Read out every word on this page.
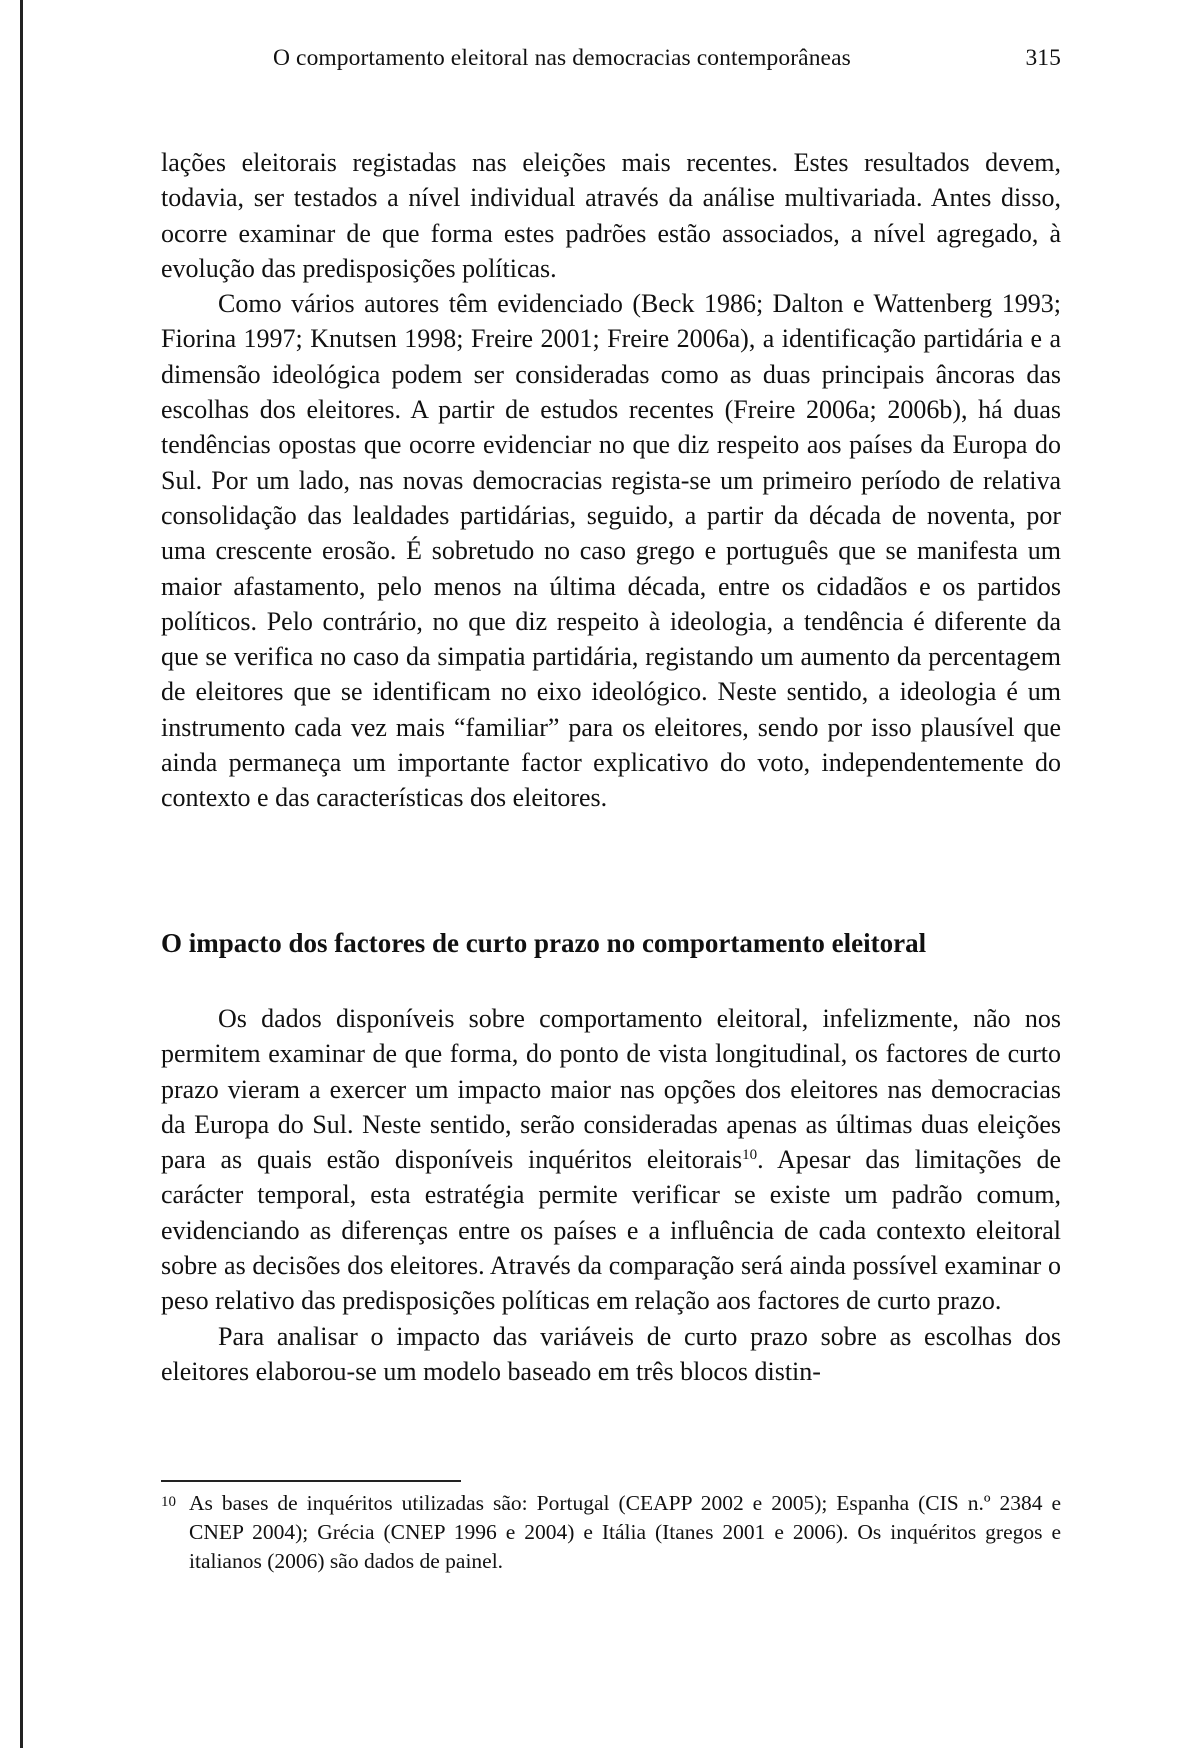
O comportamento eleitoral nas democracias contemporâneas	315

lações eleitorais registadas nas eleições mais recentes. Estes resultados devem, todavia, ser testados a nível individual através da análise multivariada. Antes disso, ocorre examinar de que forma estes padrões estão associados, a nível agregado, à evolução das predisposições políticas.

Como vários autores têm evidenciado (Beck 1986; Dalton e Wattenberg 1993; Fiorina 1997; Knutsen 1998; Freire 2001; Freire 2006a), a identificação partidária e a dimensão ideológica podem ser consideradas como as duas principais âncoras das escolhas dos eleitores. A partir de estudos recentes (Freire 2006a; 2006b), há duas tendências opostas que ocorre evidenciar no que diz respeito aos países da Europa do Sul. Por um lado, nas novas democracias regista-se um primeiro período de relativa consolidação das lealdades partidárias, seguido, a partir da década de noventa, por uma crescente erosão. É sobretudo no caso grego e português que se manifesta um maior afastamento, pelo menos na última década, entre os cidadãos e os partidos políticos. Pelo contrário, no que diz respeito à ideologia, a tendência é diferente da que se verifica no caso da simpatia partidária, registando um aumento da percentagem de eleitores que se identificam no eixo ideológico. Neste sentido, a ideologia é um instrumento cada vez mais “familiar” para os eleitores, sendo por isso plausível que ainda permaneça um importante factor explicativo do voto, independentemente do contexto e das características dos eleitores.

O impacto dos factores de curto prazo no comportamento eleitoral

Os dados disponíveis sobre comportamento eleitoral, infelizmente, não nos permitem examinar de que forma, do ponto de vista longitudinal, os factores de curto prazo vieram a exercer um impacto maior nas opções dos eleitores nas democracias da Europa do Sul. Neste sentido, serão consideradas apenas as últimas duas eleições para as quais estão disponíveis inquéritos eleitorais$^{10}$. Apesar das limitações de carácter temporal, esta estratégia permite verificar se existe um padrão comum, evidenciando as diferenças entre os países e a influência de cada contexto eleitoral sobre as decisões dos eleitores. Através da comparação será ainda possível examinar o peso relativo das predisposições políticas em relação aos factores de curto prazo.

Para analisar o impacto das variáveis de curto prazo sobre as escolhas dos eleitores elaborou-se um modelo baseado em três blocos distin-

10 As bases de inquéritos utilizadas são: Portugal (CEAPP 2002 e 2005); Espanha (CIS n.º 2384 e CNEP 2004); Grécia (CNEP 1996 e 2004) e Itália (Itanes 2001 e 2006). Os inquéritos gregos e italianos (2006) são dados de painel.
